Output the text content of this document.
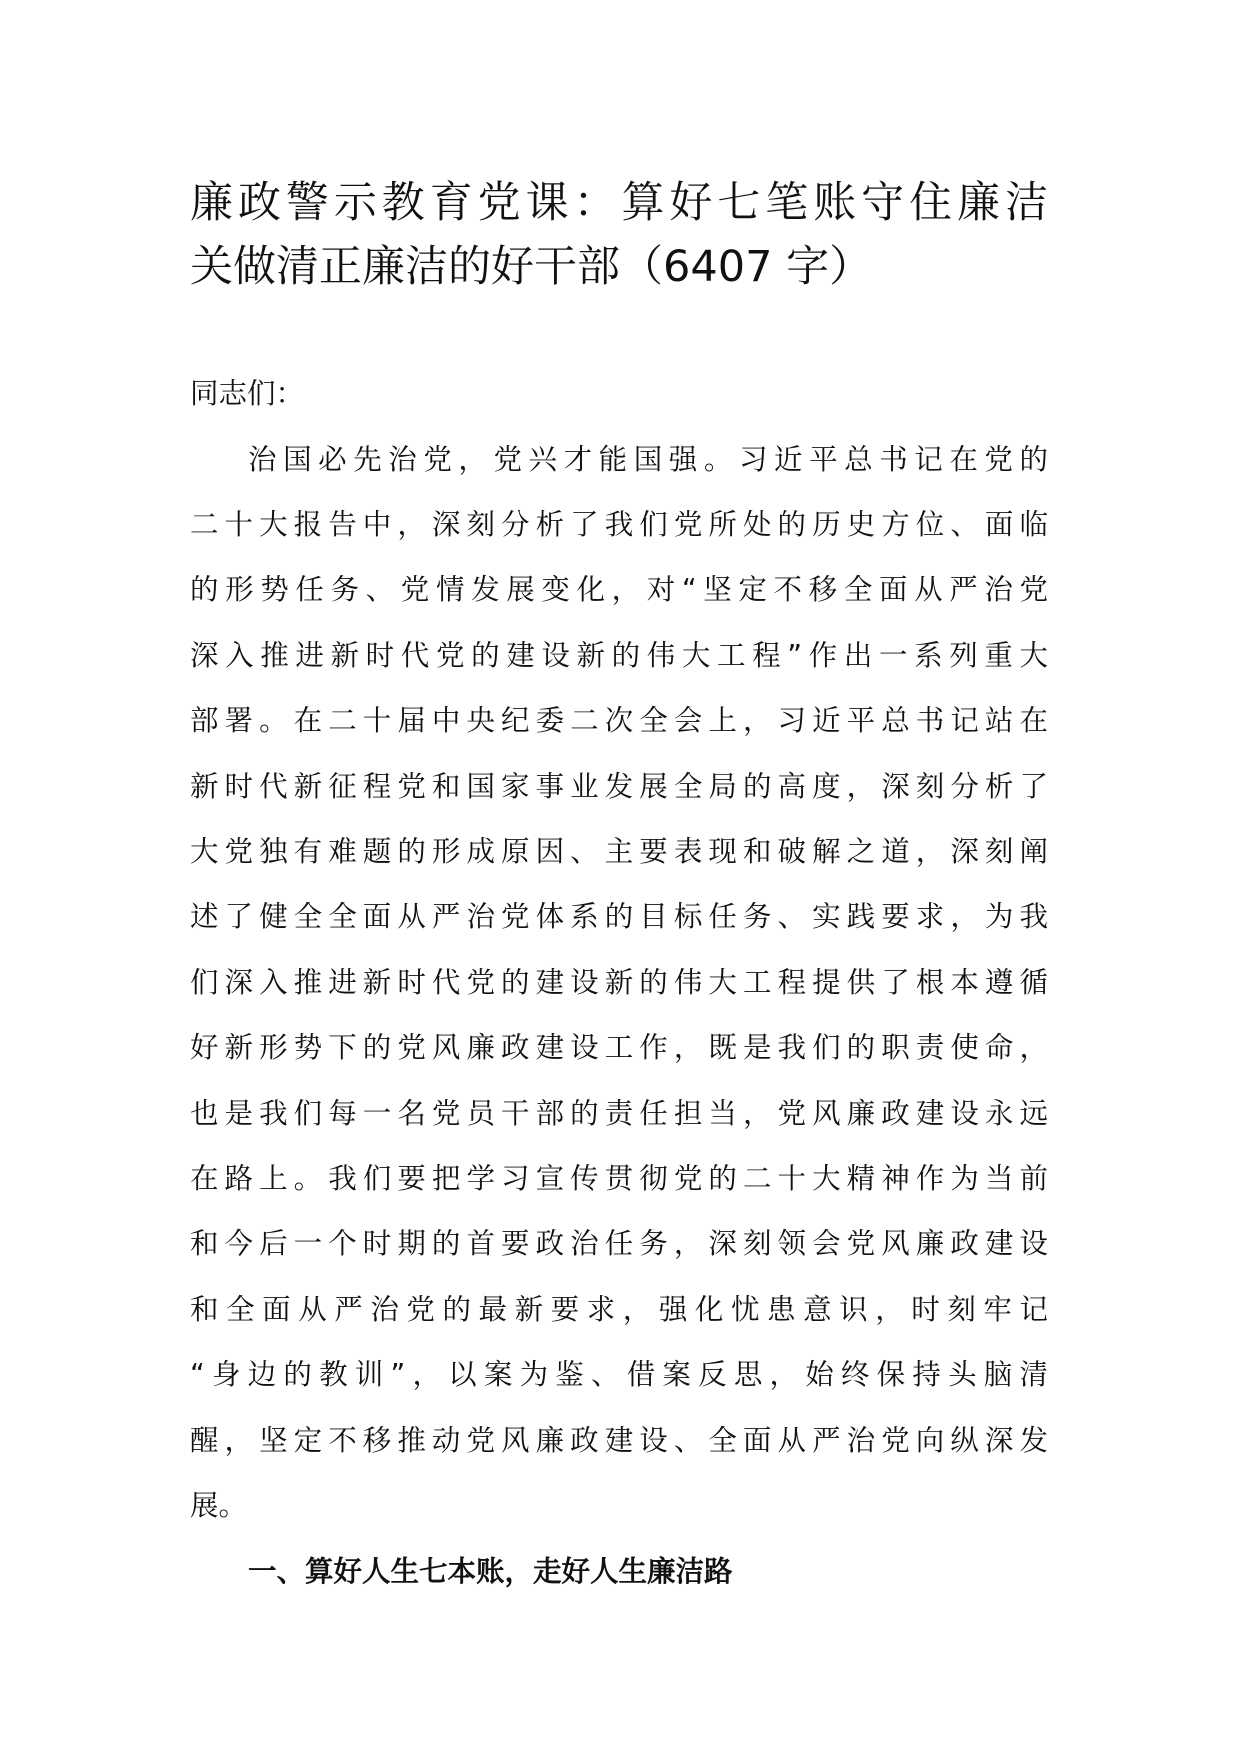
廉政警示教育党课：算好七笔账守住廉洁
关做清正廉洁的好干部（6407 字）
同志们：
治国必先治党，党兴才能国强。习近平总书记在党的
二十大报告中，深刻分析了我们党所处的历史方位、面临
的形势任务、党情发展变化，对“坚定不移全面从严治党
深入推进新时代党的建设新的伟大工程”作出一系列重大
部署。在二十届中央纪委二次全会上，习近平总书记站在
新时代新征程党和国家事业发展全局的高度，深刻分析了
大党独有难题的形成原因、主要表现和破解之道，深刻阐
述了健全全面从严治党体系的目标任务、实践要求，为我
们深入推进新时代党的建设新的伟大工程提供了根本遵循
好新形势下的党风廉政建设工作，既是我们的职责使命，
也是我们每一名党员干部的责任担当，党风廉政建设永远
在路上。我们要把学习宣传贯彻党的二十大精神作为当前
和今后一个时期的首要政治任务，深刻领会党风廉政建设
和全面从严治党的最新要求，强化忧患意识，时刻牢记
“身边的教训”，以案为鉴、借案反思，始终保持头脑清
醒，坚定不移推动党风廉政建设、全面从严治党向纵深发
展。
一、算好人生七本账，走好人生廉洁路
